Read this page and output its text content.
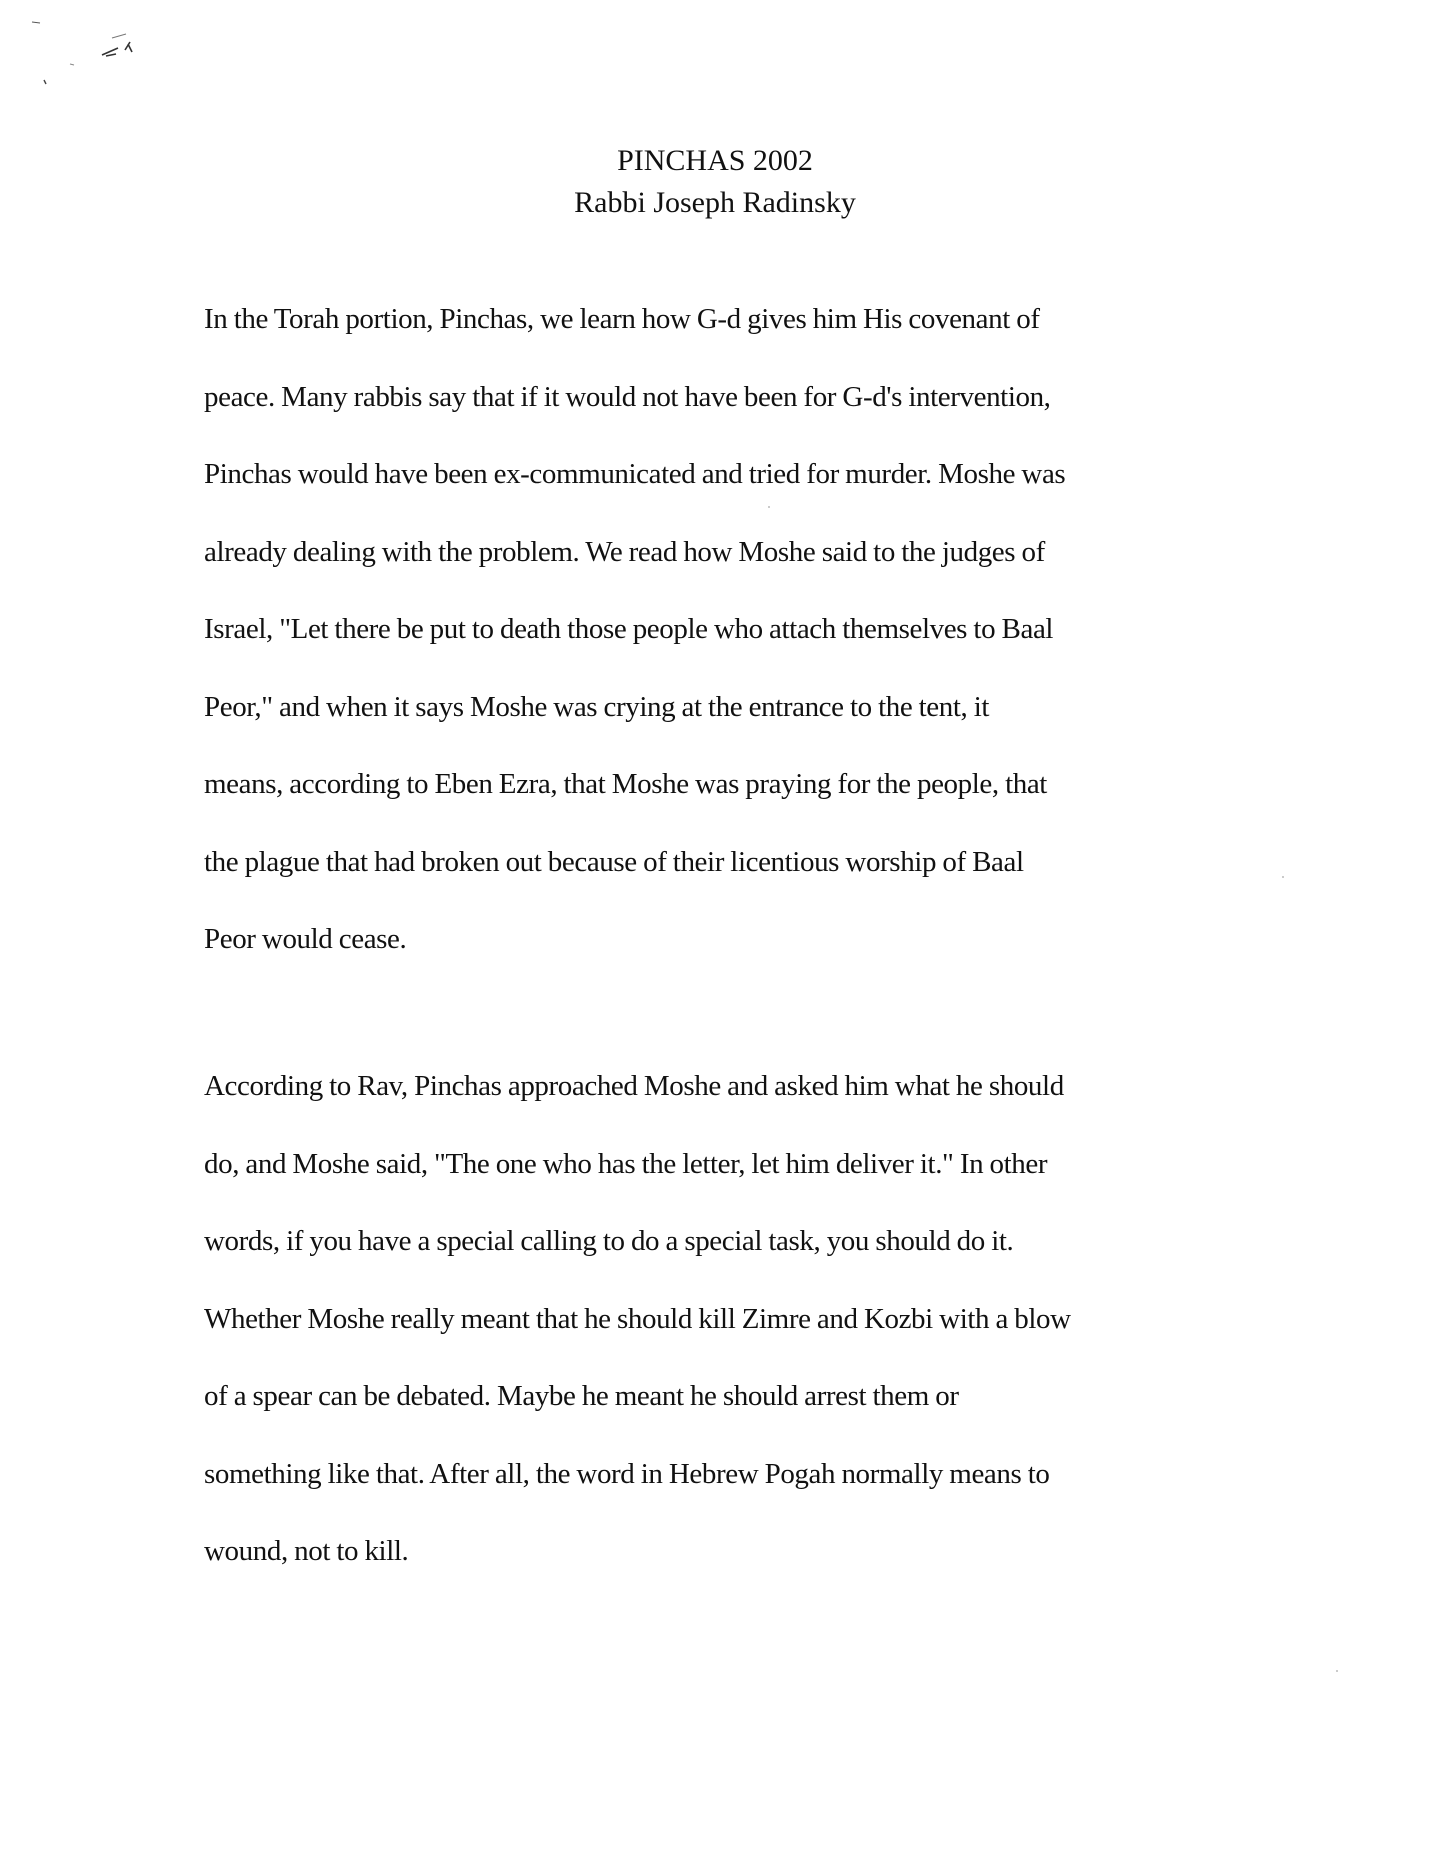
PINCHAS 2002
Rabbi Joseph Radinsky
In the Torah portion, Pinchas, we learn how G-d gives him His covenant of
peace. Many rabbis say that if it would not have been for G-d's intervention,
Pinchas would have been ex-communicated and tried for murder. Moshe was
already dealing with the problem. We read how Moshe said to the judges of
Israel, "Let there be put to death those people who attach themselves to Baal
Peor," and when it says Moshe was crying at the entrance to the tent, it
means, according to Eben Ezra, that Moshe was praying for the people, that
the plague that had broken out because of their licentious worship of Baal
Peor would cease.
According to Rav, Pinchas approached Moshe and asked him what he should
do, and Moshe said, "The one who has the letter, let him deliver it." In other
words, if you have a special calling to do a special task, you should do it.
Whether Moshe really meant that he should kill Zimre and Kozbi with a blow
of a spear can be debated. Maybe he meant he should arrest them or
something like that. After all, the word in Hebrew Pogah normally means to
wound, not to kill.
